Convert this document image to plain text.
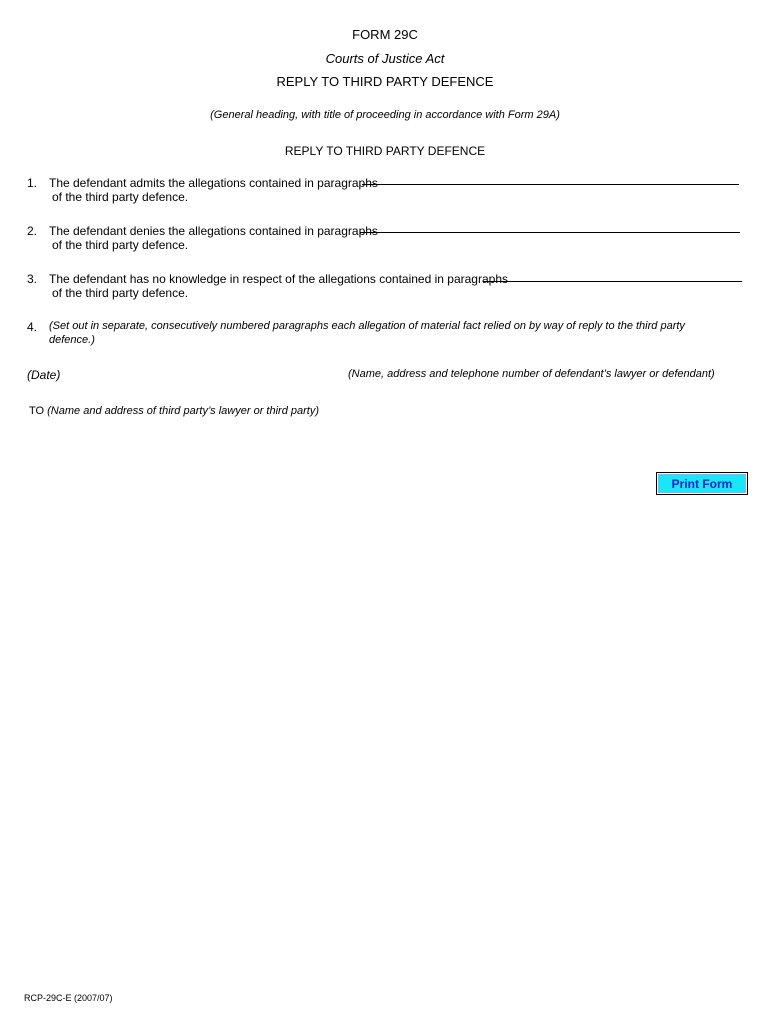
FORM 29C
Courts of Justice Act
REPLY TO THIRD PARTY DEFENCE
(General heading, with title of proceeding in accordance with Form 29A)
REPLY TO THIRD PARTY DEFENCE
1. The defendant admits the allegations contained in paragraphs
of the third party defence.
2. The defendant denies the allegations contained in paragraphs
of the third party defence.
3. The defendant has no knowledge in respect of the allegations contained in paragraphs
of the third party defence.
4. (Set out in separate, consecutively numbered paragraphs each allegation of material fact relied on by way of reply to the third party
defence.)
(Date)	(Name, address and telephone number of defendant’s lawyer or defendant)
TO (Name and address of third party’s lawyer or third party)
Print Form
RCP-29C-E (2007/07)
